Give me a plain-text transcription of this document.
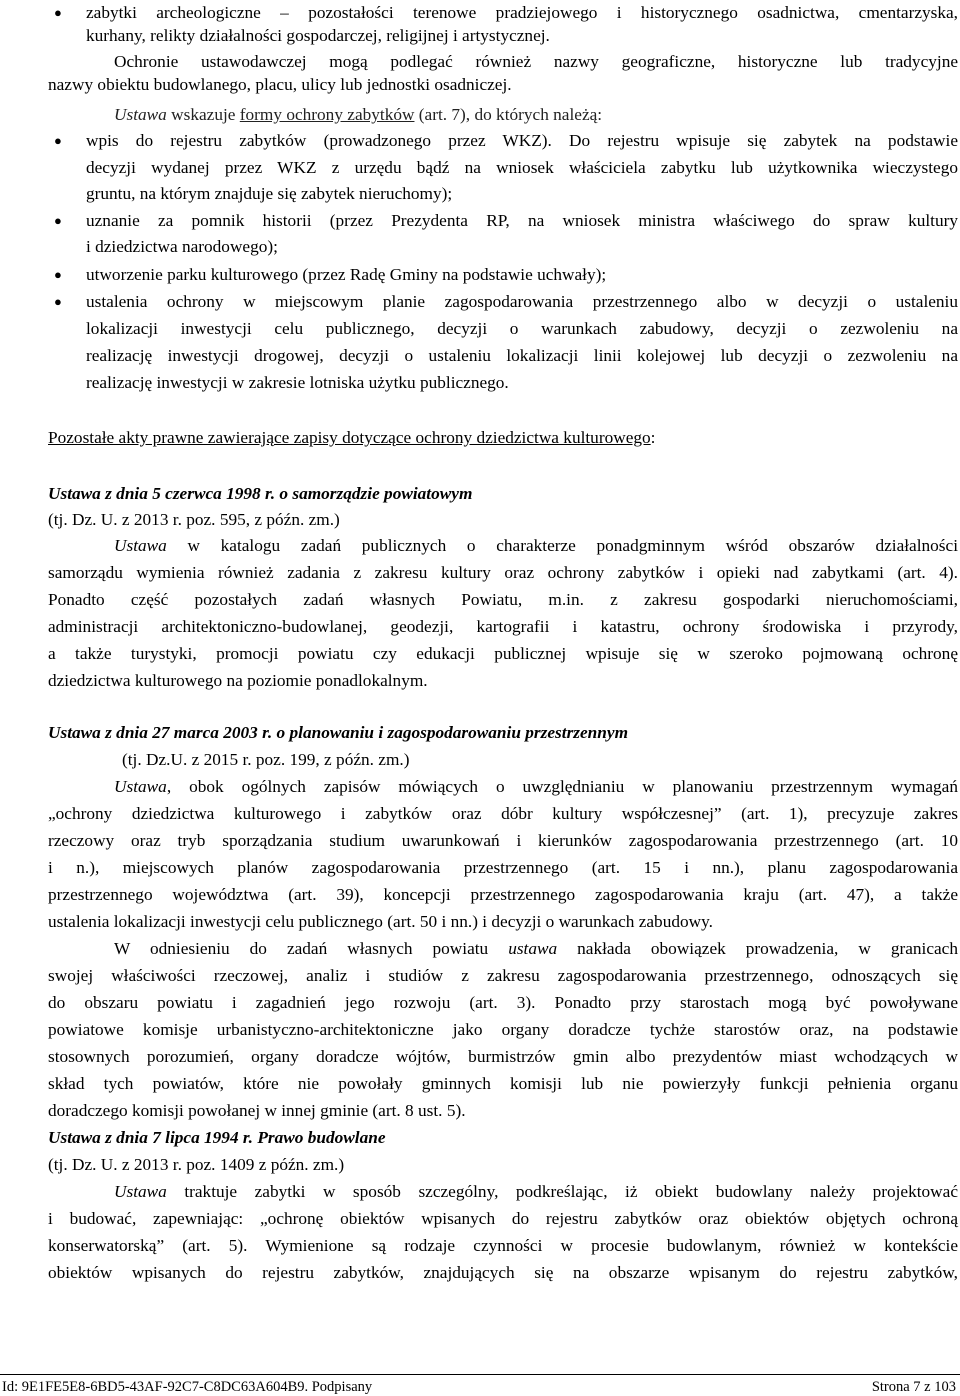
● zabytki archeologiczne – pozostałości terenowe pradziejowego i historycznego osadnictwa, cmentarzyska,
kurhany, relikty działalności gospodarczej, religijnej i artystycznej.
Ochronie ustawodawczej mogą podlegać również nazwy geograficzne, historyczne lub tradycyjne
nazwy obiektu budowlanego, placu, ulicy lub jednostki osadniczej.
Ustawa wskazuje formy ochrony zabytków (art. 7), do których należą:
● wpis do rejestru zabytków (prowadzonego przez WKZ). Do rejestru wpisuje się zabytek na podstawie
decyzji wydanej przez WKZ z urzędu bądź na wniosek właściciela zabytku lub użytkownika wieczystego
gruntu, na którym znajduje się zabytek nieruchomy);
● uznanie za pomnik historii (przez Prezydenta RP, na wniosek ministra właściwego do spraw kultury
i dziedzictwa narodowego);
● utworzenie parku kulturowego (przez Radę Gminy na podstawie uchwały);
● ustalenia ochrony w miejscowym planie zagospodarowania przestrzennego albo w decyzji o ustaleniu
lokalizacji inwestycji celu publicznego, decyzji o warunkach zabudowy, decyzji o zezwoleniu na
realizację inwestycji drogowej, decyzji o ustaleniu lokalizacji linii kolejowej lub decyzji o zezwoleniu na
realizację inwestycji w zakresie lotniska użytku publicznego.
Pozostałe akty prawne zawierające zapisy dotyczące ochrony dziedzictwa kulturowego:
Ustawa z dnia 5 czerwca 1998 r. o samorządzie powiatowym
(tj. Dz. U. z 2013 r. poz. 595, z późn. zm.)
Ustawa w katalogu zadań publicznych o charakterze ponadgminnym wśród obszarów działalności
samorządu wymienia również zadania z zakresu kultury oraz ochrony zabytków i opieki nad zabytkami (art. 4).
Ponadto część pozostałych zadań własnych Powiatu, m.in. z zakresu gospodarki nieruchomościami,
administracji architektoniczno-budowlanej, geodezji, kartografii i katastru, ochrony środowiska i przyrody,
a także turystyki, promocji powiatu czy edukacji publicznej wpisuje się w szeroko pojmowaną ochronę
dziedzictwa kulturowego na poziomie ponadlokalnym.
Ustawa z dnia 27 marca 2003 r. o planowaniu i zagospodarowaniu przestrzennym
(tj. Dz.U. z 2015 r. poz. 199, z późn. zm.)
Ustawa, obok ogólnych zapisów mówiących o uwzględnianiu w planowaniu przestrzennym wymagań
„ochrony dziedzictwa kulturowego i zabytków oraz dóbr kultury współczesnej” (art. 1), precyzuje zakres
rzeczowy oraz tryb sporządzania studium uwarunkowań i kierunków zagospodarowania przestrzennego (art. 10
i n.), miejscowych planów zagospodarowania przestrzennego (art. 15 i nn.), planu zagospodarowania
przestrzennego województwa (art. 39), koncepcji przestrzennego zagospodarowania kraju (art. 47), a także
ustalenia lokalizacji inwestycji celu publicznego (art. 50 i nn.) i decyzji o warunkach zabudowy.
W odniesieniu do zadań własnych powiatu ustawa nakłada obowiązek prowadzenia, w granicach
swojej właściwości rzeczowej, analiz i studiów z zakresu zagospodarowania przestrzennego, odnoszących się
do obszaru powiatu i zagadnień jego rozwoju (art. 3). Ponadto przy starostach mogą być powoływane
powiatowe komisje urbanistyczno-architektoniczne jako organy doradcze tychże starostów oraz, na podstawie
stosownych porozumień, organy doradcze wójtów, burmistrzów gmin albo prezydentów miast wchodzących w
skład tych powiatów, które nie powołały gminnych komisji lub nie powierzyły funkcji pełnienia organu
doradczego komisji powołanej w innej gminie (art. 8 ust. 5).
Ustawa z dnia 7 lipca 1994 r. Prawo budowlane
(tj. Dz. U. z 2013 r. poz. 1409 z późn. zm.)
Ustawa traktuje zabytki w sposób szczególny, podkreślając, iż obiekt budowlany należy projektować
i budować, zapewniając: „ochronę obiektów wpisanych do rejestru zabytków oraz obiektów objętych ochroną
konserwatorską” (art. 5). Wymienione są rodzaje czynności w procesie budowlanym, również w kontekście
obiektów wpisanych do rejestru zabytków, znajdujących się na obszarze wpisanym do rejestru zabytków,
Id: 9E1FE5E8-6BD5-43AF-92C7-C8DC63A604B9. Podpisany	Strona 7 z 103
